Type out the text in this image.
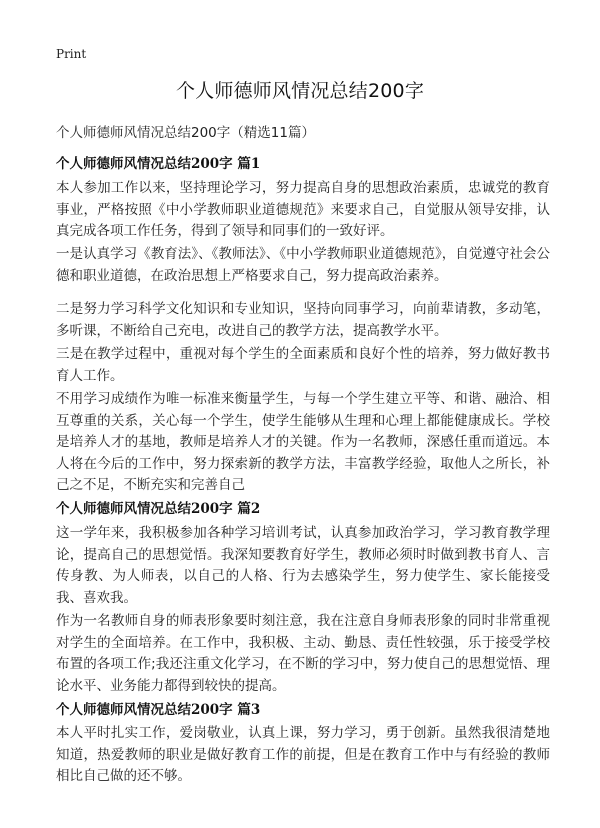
Print
个人师德师风情况总结200字
个人师德师风情况总结200字（精选11篇）
个人师德师风情况总结200字 篇1

本人参加工作以来，坚持理论学习，努力提高自身的思想政治素质，忠诚党的教育事业，严格按照《中小学教师职业道德规范》来要求自己，自觉服从领导安排，认真完成各项工作任务，得到了领导和同事们的一致好评。

一是认真学习《教育法》、《教师法》、《中小学教师职业道德规范》，自觉遵守社会公德和职业道德，在政治思想上严格要求自己，努力提高政治素养。

二是努力学习科学文化知识和专业知识，坚持向同事学习，向前辈请教，多动笔，多听课，不断给自己充电，改进自己的教学方法，提高教学水平。

三是在教学过程中，重视对每个学生的全面素质和良好个性的培养，努力做好教书育人工作。

不用学习成绩作为唯一标准来衡量学生，与每一个学生建立平等、和谐、融洽、相互尊重的关系，关心每一个学生，使学生能够从生理和心理上都能健康成长。学校是培养人才的基地，教师是培养人才的关键。作为一名教师，深感任重而道远。本人将在今后的工作中，努力探索新的教学方法，丰富教学经验，取他人之所长，补己之不足，不断充实和完善自己

个人师德师风情况总结200字 篇2

这一学年来，我积极参加各种学习培训考试，认真参加政治学习，学习教育教学理论，提高自己的思想觉悟。我深知要教育好学生，教师必须时时做到教书育人、言传身教、为人师表，以自己的人格、行为去感染学生，努力使学生、家长能接受我、喜欢我。

作为一名教师自身的师表形象要时刻注意，我在注意自身师表形象的同时非常重视对学生的全面培养。在工作中，我积极、主动、勤恳、责任性较强，乐于接受学校布置的各项工作;我还注重文化学习，在不断的学习中，努力使自己的思想觉悟、理论水平、业务能力都得到较快的提高。

个人师德师风情况总结200字 篇3

本人平时扎实工作，爱岗敬业，认真上课，努力学习，勇于创新。虽然我很清楚地知道，热爱教师的职业是做好教育工作的前提，但是在教育工作中与有经验的教师相比自己做的还不够。
